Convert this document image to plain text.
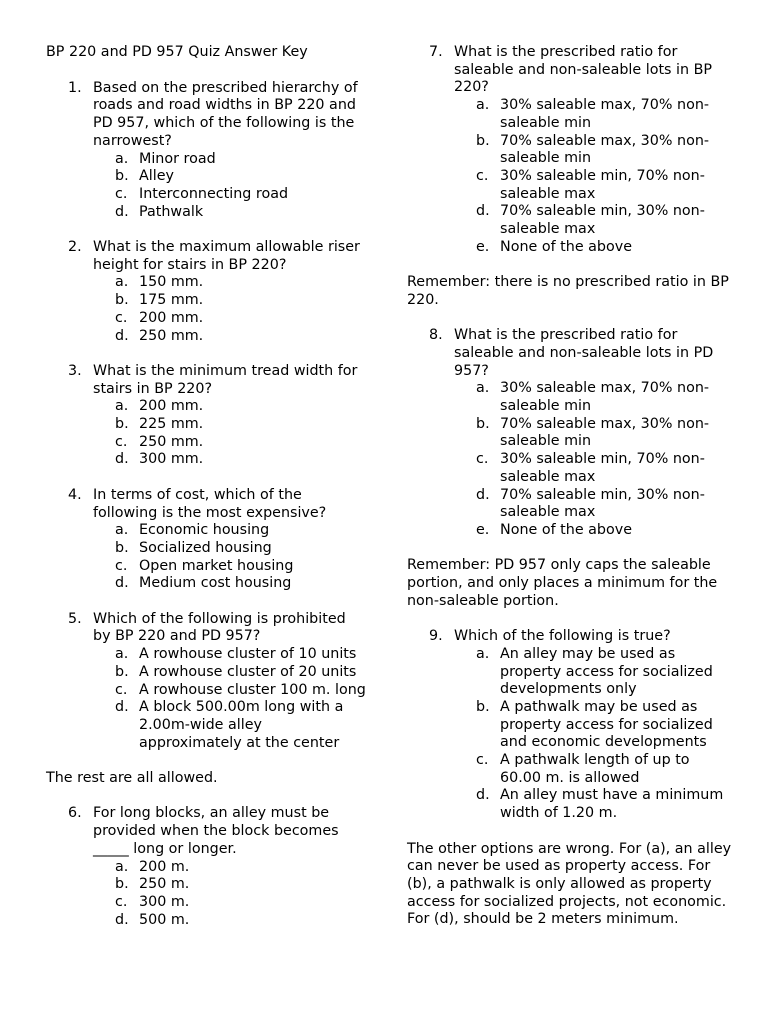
BP 220 and PD 957 Quiz Answer Key
1. Based on the prescribed hierarchy of roads and road widths in BP 220 and PD 957, which of the following is the narrowest?
a. Minor road
b. Alley
c. Interconnecting road
d. Pathwalk
2. What is the maximum allowable riser height for stairs in BP 220?
a. 150 mm.
b. 175 mm.
c. 200 mm.
d. 250 mm.
3. What is the minimum tread width for stairs in BP 220?
a. 200 mm.
b. 225 mm.
c. 250 mm.
d. 300 mm.
4. In terms of cost, which of the following is the most expensive?
a. Economic housing
b. Socialized housing
c. Open market housing
d. Medium cost housing
5. Which of the following is prohibited by BP 220 and PD 957?
a. A rowhouse cluster of 10 units
b. A rowhouse cluster of 20 units
c. A rowhouse cluster 100 m. long
d. A block 500.00m long with a 2.00m-wide alley approximately at the center
The rest are all allowed.
6. For long blocks, an alley must be provided when the block becomes _____ long or longer.
a. 200 m.
b. 250 m.
c. 300 m.
d. 500 m.
7. What is the prescribed ratio for saleable and non-saleable lots in BP 220?
a. 30% saleable max, 70% non-saleable min
b. 70% saleable max, 30% non-saleable min
c. 30% saleable min, 70% non-saleable max
d. 70% saleable min, 30% non-saleable max
e. None of the above
Remember: there is no prescribed ratio in BP 220.
8. What is the prescribed ratio for saleable and non-saleable lots in PD 957?
a. 30% saleable max, 70% non-saleable min
b. 70% saleable max, 30% non-saleable min
c. 30% saleable min, 70% non-saleable max
d. 70% saleable min, 30% non-saleable max
e. None of the above
Remember: PD 957 only caps the saleable portion, and only places a minimum for the non-saleable portion.
9. Which of the following is true?
a. An alley may be used as property access for socialized developments only
b. A pathwalk may be used as property access for socialized and economic developments
c. A pathwalk length of up to 60.00 m. is allowed
d. An alley must have a minimum width of 1.20 m.
The other options are wrong. For (a), an alley can never be used as property access. For (b), a pathwalk is only allowed as property access for socialized projects, not economic. For (d), should be 2 meters minimum.
